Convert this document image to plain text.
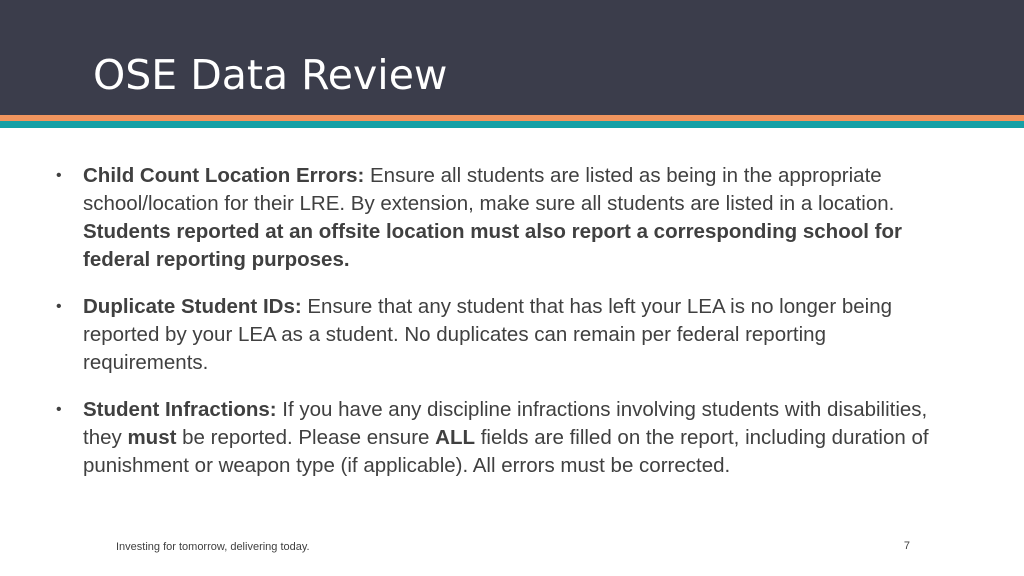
OSE Data Review
• Child Count Location Errors: Ensure all students are listed as being in the appropriate school/location for their LRE. By extension, make sure all students are listed in a location. Students reported at an offsite location must also report a corresponding school for federal reporting purposes.
• Duplicate Student IDs: Ensure that any student that has left your LEA is no longer being reported by your LEA as a student. No duplicates can remain per federal reporting requirements.
• Student Infractions: If you have any discipline infractions involving students with disabilities, they must be reported. Please ensure ALL fields are filled on the report, including duration of punishment or weapon type (if applicable). All errors must be corrected.
Investing for tomorrow, delivering today.	7
